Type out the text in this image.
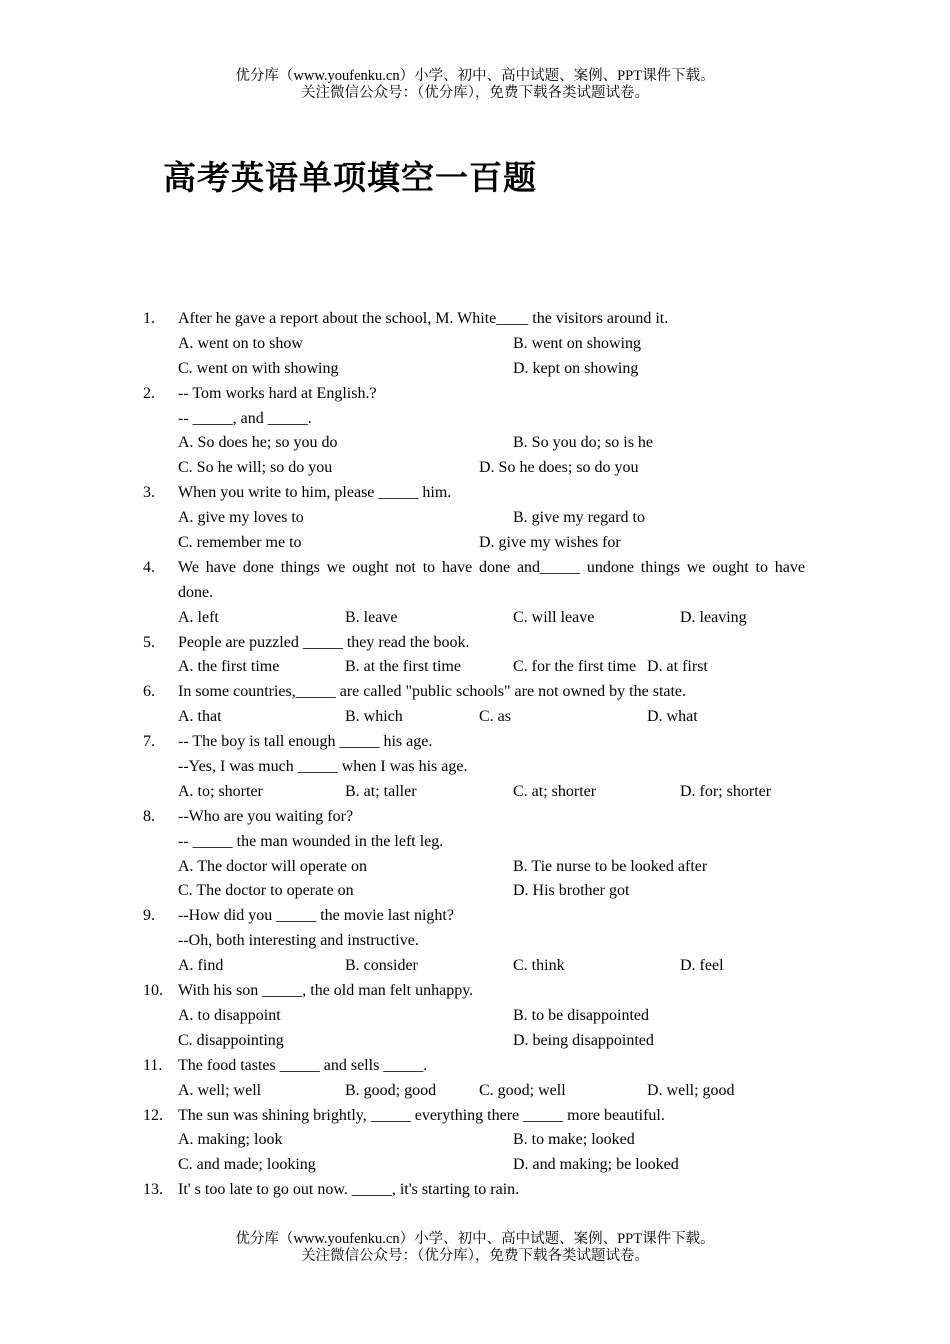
优分库（www.youfenku.cn）小学、初中、高中试题、案例、PPT课件下载。
关注微信公众号：（优分库），免费下载各类试题试卷。
高考英语单项填空一百题
1. After he gave a report about the school, M. White____ the visitors around it.
A. went on to show	B. went on showing
C. went on with showing	D. kept on showing
2. -- Tom works hard at English.?
-- _____, and _____.
A. So does he; so you do	B. So you do; so is he
C. So he will; so do you	D. So he does; so do you
3. When you write to him, please _____ him.
A. give my loves to	B. give my regard to
C. remember me to	D. give my wishes for
4. We have done things we ought not to have done and_____ undone things we ought to have
done.
A. left	B. leave	C. will leave	D. leaving
5. People are puzzled _____ they read the book.
A. the first time	B. at the first time	C. for the first time D. at first
6. In some countries,_____ are called "public schools" are not owned by the state.
A. that	B. which	C. as	D. what
7. -- The boy is tall enough _____ his age.
--Yes, I was much _____ when I was his age.
A. to; shorter	B. at; taller	C. at; shorter	D. for; shorter
8. --Who are you waiting for?
-- _____ the man wounded in the left leg.
A. The doctor will operate on	B. Tie nurse to be looked after
C. The doctor to operate on	D. His brother got
9. --How did you _____ the movie last night?
--Oh, both interesting and instructive.
A. find	B. consider	C. think	D. feel
10. With his son _____, the old man felt unhappy.
A. to disappoint	B. to be disappointed
C. disappointing	D. being disappointed
11. The food tastes _____ and sells _____.
A. well; well	B. good; good	C. good; well	D. well; good
12. The sun was shining brightly, _____ everything there _____ more beautiful.
A. making; look	B. to make; looked
C. and made; looking	D. and making; be looked
13. It' s too late to go out now. _____, it's starting to rain.
优分库（www.youfenku.cn）小学、初中、高中试题、案例、PPT课件下载。
关注微信公众号：（优分库），免费下载各类试题试卷。
